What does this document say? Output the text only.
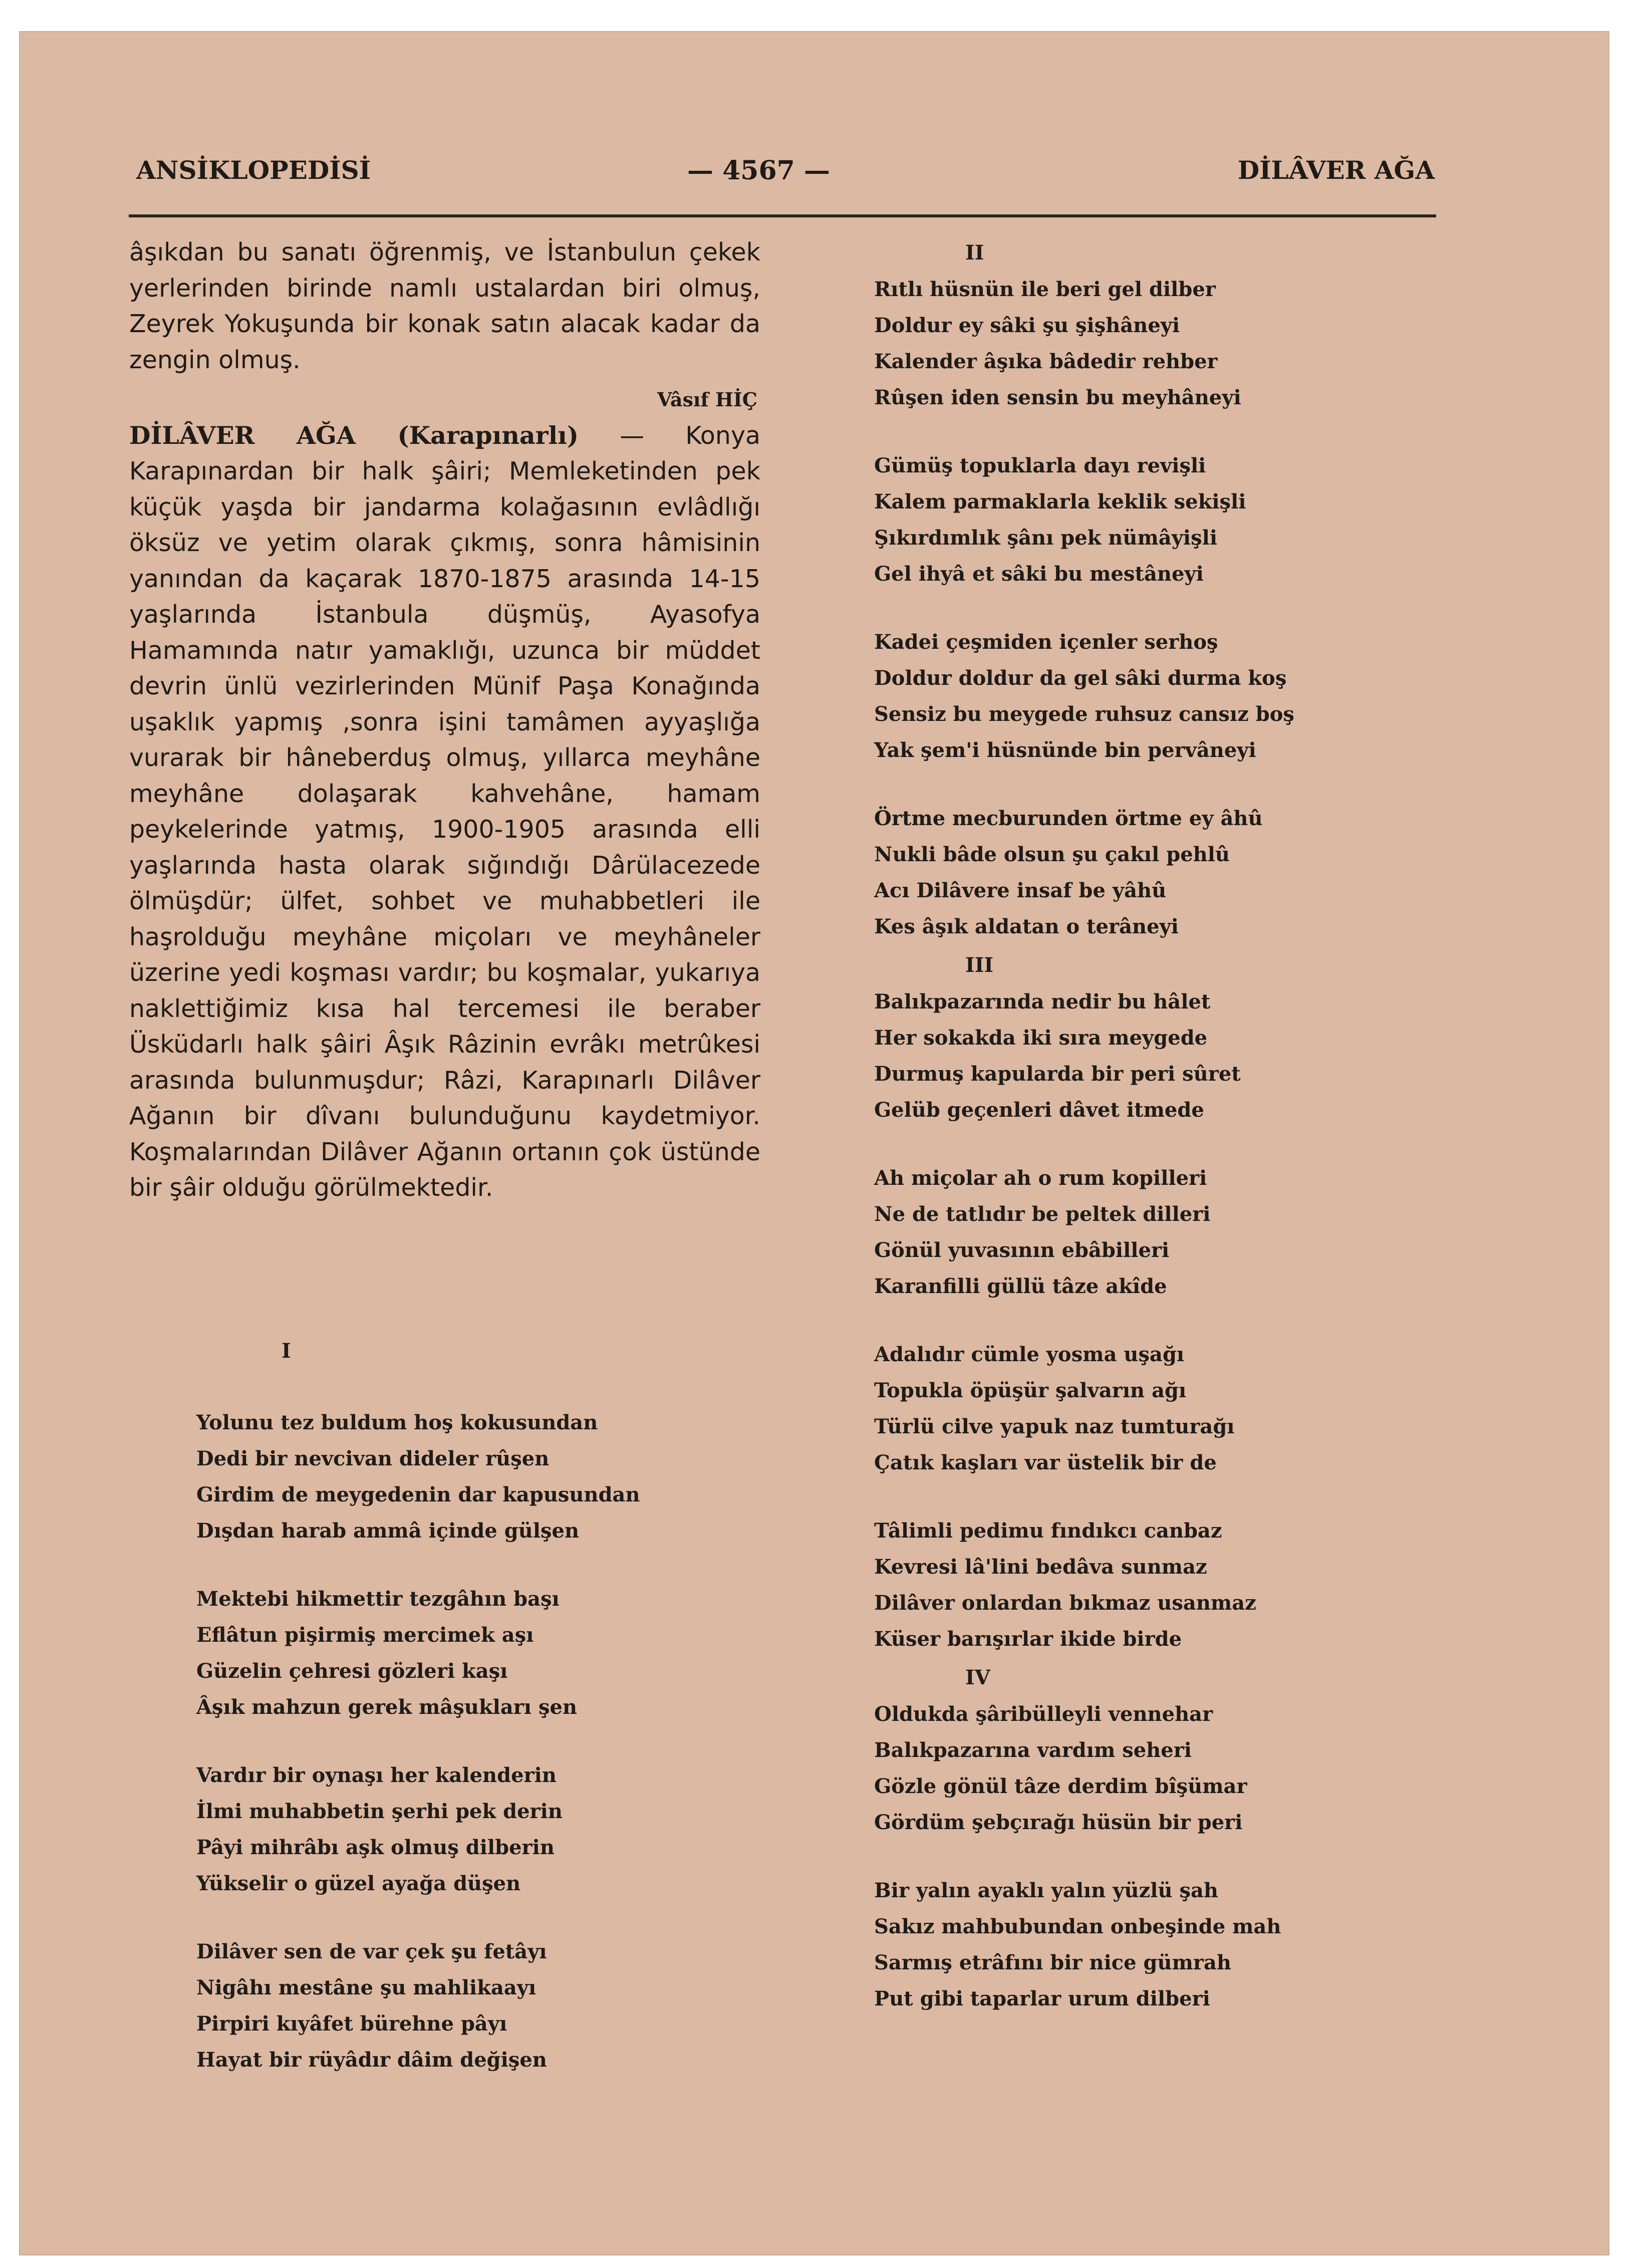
ANSİKLOPEDİSİ	— 4567 —	DİLÂVER AĞA

âşıkdan bu sanatı öğrenmiş, ve İstanbulun çekek yerlerinden birinde namlı ustalardan biri olmuş, Zeyrek Yokuşunda bir konak satın alacak kadar da zengin olmuş.

Vâsıf HİÇ

DİLÂVER AĞA (Karapınarlı) — Konya Karapınardan bir halk şâiri; Memleketinden pek küçük yaşda bir jandarma kolağasının evlâdlığı öksüz ve yetim olarak çıkmış, sonra hâmisinin yanından da kaçarak 1870-1875 arasında 14-15 yaşlarında İstanbula düşmüş, Ayasofya Hamamında natır yamaklığı, uzunca bir müddet devrin ünlü vezirlerinden Münif Paşa Konağında uşaklık yapmış ,sonra işini tamâmen ayyaşlığa vurarak bir hâneberduş olmuş, yıllarca meyhâne meyhâne dolaşarak kahvehâne, hamam peykelerinde yatmış, 1900-1905 arasında elli yaşlarında hasta olarak sığındığı Dârülacezede ölmüşdür; ülfet, sohbet ve muhabbetleri ile haşrolduğu meyhâne miçoları ve meyhâneler üzerine yedi koşması vardır; bu koşmalar, yukarıya naklettiğimiz kısa hal tercemesi ile beraber Üsküdarlı halk şâiri Âşık Râzinin evrâkı metrûkesi arasında bulunmuşdur; Râzi, Karapınarlı Dilâver Ağanın bir dîvanı bulunduğunu kaydetmiyor. Koşmalarından Dilâver Ağanın ortanın çok üstünde bir şâir olduğu görülmektedir.

I
Yolunu tez buldum hoş kokusundan
Dedi bir nevcivan dideler rûşen
Girdim de meygedenin dar kapusundan
Dışdan harab ammâ içinde gülşen
Mektebi hikmettir tezgâhın başı
Eflâtun pişirmiş mercimek aşı
Güzelin çehresi gözleri kaşı
Âşık mahzun gerek mâşukları şen
Vardır bir oynaşı her kalenderin
İlmi muhabbetin şerhi pek derin
Pâyi mihrâbı aşk olmuş dilberin
Yükselir o güzel ayağa düşen
Dilâver sen de var çek şu fetâyı
Nigâhı mestâne şu mahlikaayı
Pirpiri kıyâfet bürehne pâyı
Hayat bir rüyâdır dâim değişen
II
Rıtlı hüsnün ile beri gel dilber
Doldur ey sâki şu şişhâneyi
Kalender âşıka bâdedir rehber
Rûşen iden sensin bu meyhâneyi
Gümüş topuklarla dayı revişli
Kalem parmaklarla keklik sekişli
Şıkırdımlık şânı pek nümâyişli
Gel ihyâ et sâki bu mestâneyi
Kadei çeşmiden içenler serhoş
Doldur doldur da gel sâki durma koş
Sensiz bu meygede ruhsuz cansız boş
Yak şem'i hüsnünde bin pervâneyi
Örtme mecburunden örtme ey âhû
Nukli bâde olsun şu çakıl pehlû
Acı Dilâvere insaf be yâhû
Kes âşık aldatan o terâneyi
III
Balıkpazarında nedir bu hâlet
Her sokakda iki sıra meygede
Durmuş kapularda bir peri sûret
Gelüb geçenleri dâvet itmede
Ah miçolar ah o rum kopilleri
Ne de tatlıdır be peltek dilleri
Gönül yuvasının ebâbilleri
Karanfilli güllü tâze akîde
Adalıdır cümle yosma uşağı
Topukla öpüşür şalvarın ağı
Türlü cilve yapuk naz tumturağı
Çatık kaşları var üstelik bir de
Tâlimli pedimu fındıkcı canbaz
Kevresi lâ'lini bedâva sunmaz
Dilâver onlardan bıkmaz usanmaz
Küser barışırlar ikide birde
IV
Oldukda şâribülleyli vennehar
Balıkpazarına vardım seheri
Gözle gönül tâze derdim bîşümar
Gördüm şebçırağı hüsün bir peri
Bir yalın ayaklı yalın yüzlü şah
Sakız mahbubundan onbeşinde mah
Sarmış etrâfını bir nice gümrah
Put gibi taparlar urum dilberi
